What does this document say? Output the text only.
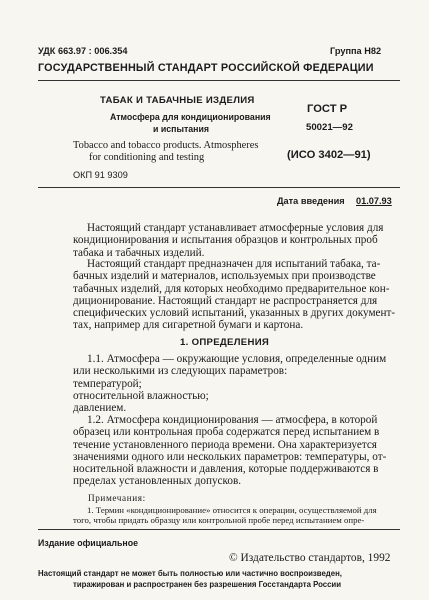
УДК 663.97 : 006.354	Группа Н82
ГОСУДАРСТВЕННЫЙ СТАНДАРТ РОССИЙСКОЙ ФЕДЕРАЦИИ
ТАБАК И ТАБАЧНЫЕ ИЗДЕЛИЯ
Атмосфера для кондиционирования
и испытания
Tobacco and tobacco products. Atmospheres
for conditioning and testing
ГОСТ Р
50021—92
(ИСО 3402—91)
ОКП 91 9309
Дата введения 01.07.93
Настоящий стандарт устанавливает атмосферные условия для
кондиционирования и испытания образцов и контрольных проб
табака и табачных изделий.
Настоящий стандарт предназначен для испытаний табака, та-
бачных изделий и материалов, используемых при производстве
табачных изделий, для которых необходимо предварительное кон-
диционирование. Настоящий стандарт не распространяется для
специфических условий испытаний, указанных в других документ-
тах, например для сигаретной бумаги и картона.
1. ОПРЕДЕЛЕНИЯ
1.1. Атмосфера — окружающие условия, определенные одним
или несколькими из следующих параметров:
температурой;
относительной влажностью;
давлением.
1.2. Атмосфера кондиционирования — атмосфера, в которой
образец или контрольная проба содержатся перед испытанием в
течение установленного периода времени. Она характеризуется
значениями одного или нескольких параметров: температуры, от-
носительной влажности и давления, которые поддерживаются в
пределах установленных допусков.
Примечания:
1. Термин «кондиционирование» относится к операции, осуществляемой для
того, чтобы придать образцу или контрольной пробе перед испытанием опре-
Издание официальное
© Издательство стандартов, 1992
Настоящий стандарт не может быть полностью или частично воспроизведен,
тиражирован и распространен без разрешения Госстандарта России
